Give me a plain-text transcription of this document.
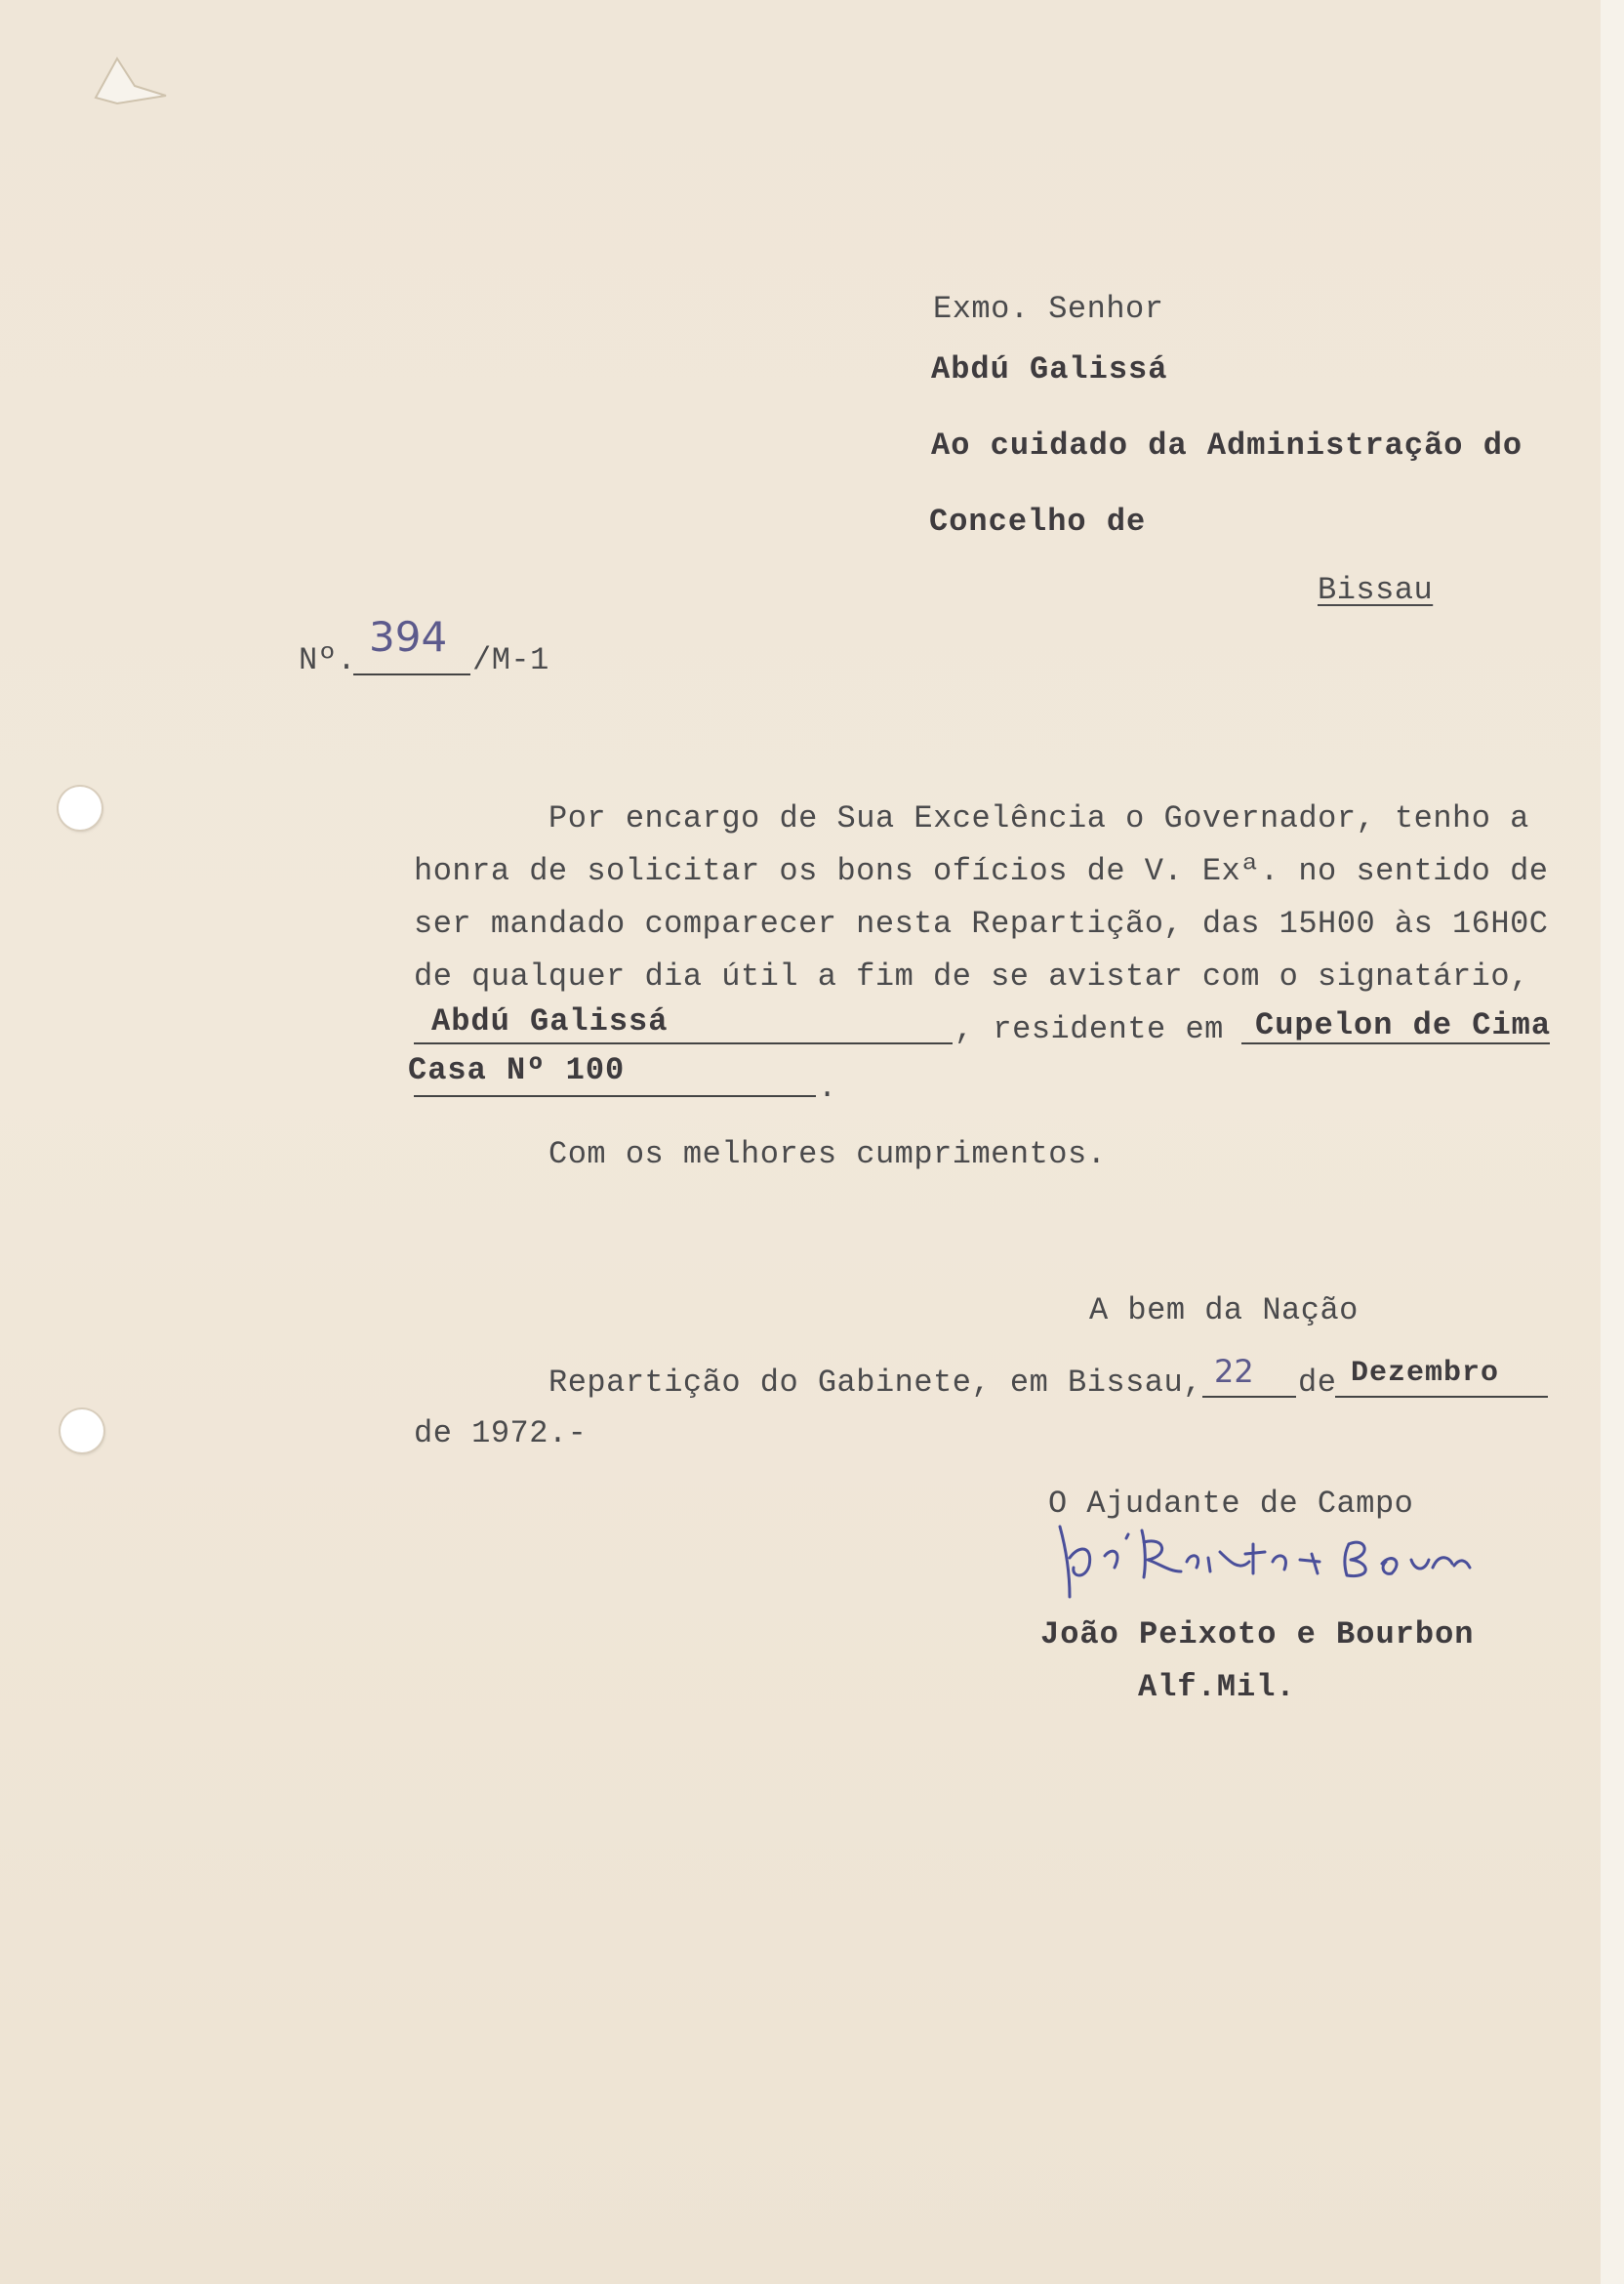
Exmo. Senhor
Abdú Galissá
Ao cuidado da Administração do
Concelho de
Bissau
Nº. 394 /M-1
Por encargo de Sua Excelência o Governador, tenho a
honra de solicitar os bons ofícios de V. Exª. no sentido de
ser mandado comparecer nesta Repartição, das 15H00 às 16H0C
de qualquer dia útil a fim de se avistar com o signatário,
Abdú Galissá	, residente em Cupelon de Cima
Casa Nº 100	.
Com os melhores cumprimentos.
A bem da Nação
Repartição do Gabinete, em Bissau, 22 de Dezembro
de 1972.-
O Ajudante de Campo
João Peixoto e Bourbon
Alf.Mil.
